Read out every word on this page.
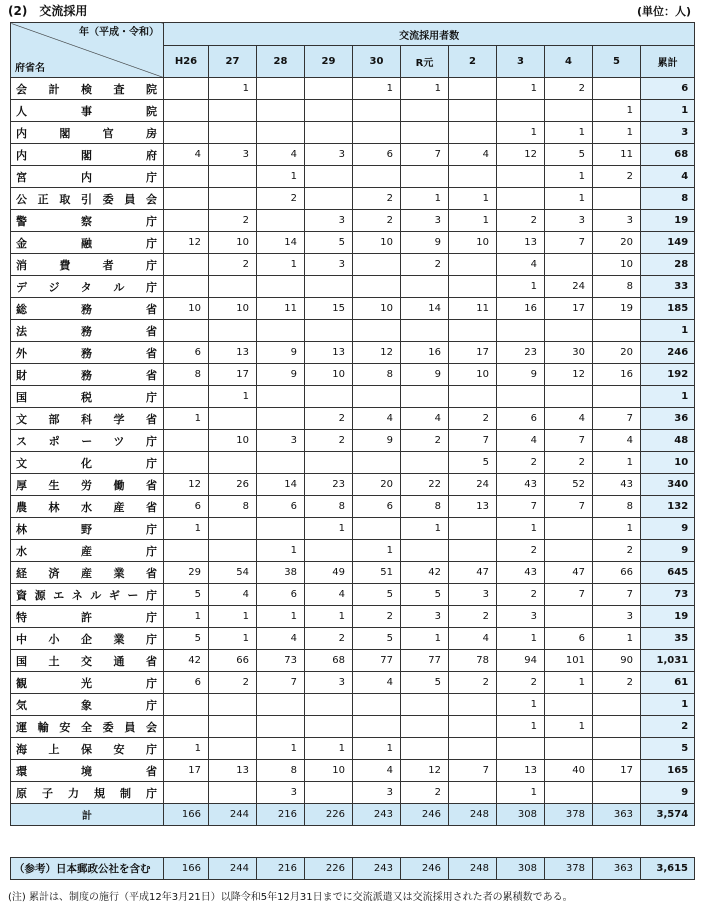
(2) 交流採用	(単位：人)
年（平成・令和）
府省名	交流採用者数										
	H26	27	28	29	30	R元	2	3	4	5	累計
会計検査院		1			1	1		1	2		6
人事院										1	1
内閣官房								1	1	1	3
内閣府	4	3	4	3	6	7	4	12	5	11	68
宮内庁			1						1	2	4
公正取引委員会			2		2	1	1		1		8
警察庁		2		3	2	3	1	2	3	3	19
金融庁	12	10	14	5	10	9	10	13	7	20	149
消費者庁		2	1	3		2		4		10	28
デジタル庁								1	24	8	33
総務省	10	10	11	15	10	14	11	16	17	19	185
法務省											1
外務省	6	13	9	13	12	16	17	23	30	20	246
財務省	8	17	9	10	8	9	10	9	12	16	192
国税庁		1									1
文部科学省	1			2	4	4	2	6	4	7	36
スポーツ庁		10	3	2	9	2	7	4	7	4	48
文化庁							5	2	2	1	10
厚生労働省	12	26	14	23	20	22	24	43	52	43	340
農林水産省	6	8	6	8	6	8	13	7	7	8	132
林野庁	1			1		1		1		1	9
水産庁			1		1			2		2	9
経済産業省	29	54	38	49	51	42	47	43	47	66	645
資源エネルギー庁	5	4	6	4	5	5	3	2	7	7	73
特許庁	1	1	1	1	2	3	2	3		3	19
中小企業庁	5	1	4	2	5	1	4	1	6	1	35
国土交通省	42	66	73	68	77	77	78	94	101	90	1,031
観光庁	6	2	7	3	4	5	2	2	1	2	61
気象庁								1			1
運輸安全委員会								1	1		2
海上保安庁	1		1	1	1						5
環境省	17	13	8	10	4	12	7	13	40	17	165
原子力規制庁			3		3	2		1			9
計	166	244	216	226	243	246	248	308	378	363	3,574
（参考）日本郵政公社を含む	166	244	216	226	243	246	248	308	378	363	3,615
(注) 累計は、制度の施行（平成12年3月21日）以降令和5年12月31日までに交流派遣又は交流採用された者の累積数である。
